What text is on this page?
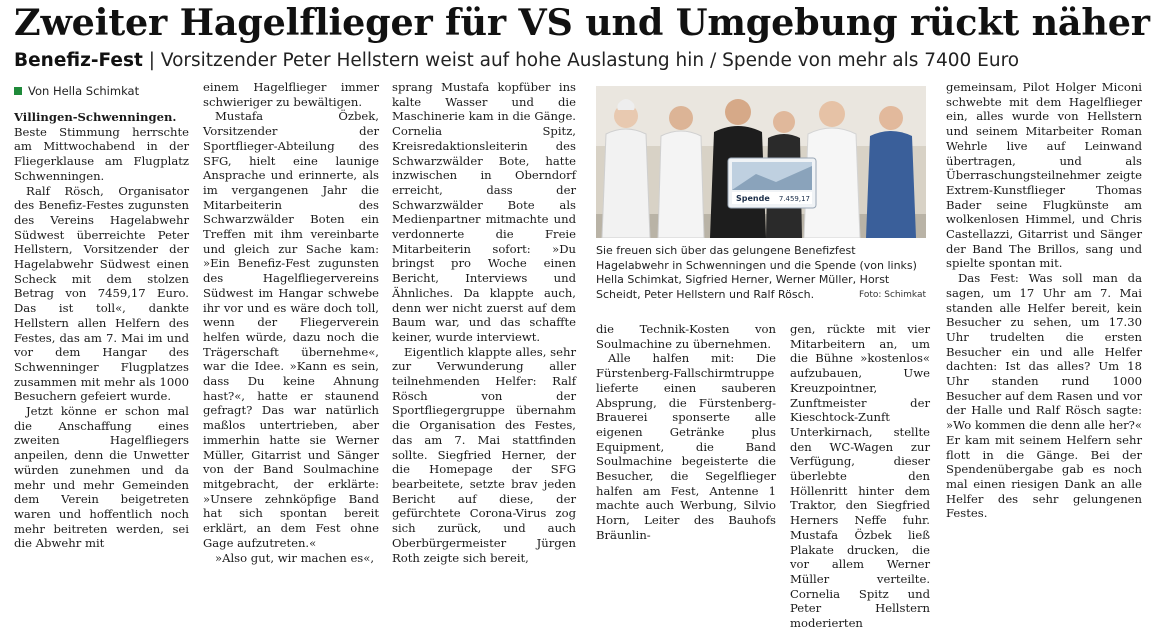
Zweiter Hagelflieger für VS und Umgebung rückt näher
Benefiz-Fest | Vorsitzender Peter Hellstern weist auf hohe Auslastung hin / Spende von mehr als 7400 Euro
Von Hella Schimkat

Villingen-Schwenningen. Beste Stimmung herrschte am Mittwochabend in der Fliegerklause am Flugplatz Schwenningen.

Ralf Rösch, Organisator des Benefiz-Festes zugunsten des Vereins Hagelabwehr Südwest überreichte Peter Hellstern, Vorsitzender der Hagelabwehr Südwest einen Scheck mit dem stolzen Betrag von 7459,17 Euro. Das ist toll«, dankte Hellstern allen Helfern des Festes, das am 7. Mai im und vor dem Hangar des Schwenninger Flugplatzes zusammen mit mehr als 1000 Besuchern gefeiert wurde.

Jetzt könne er schon mal die Anschaffung eines zweiten Hagelfliegers anpeilen, denn die Unwetter würden zunehmen und da mehr und mehr Gemeinden dem Verein beigetreten waren und hoffentlich noch mehr beitreten werden, sei die Abwehr mit

einem Hagelflieger immer schwieriger zu bewältigen.

Mustafa Özbek, Vorsitzender der Sportflieger-Abteilung des SFG, hielt eine launige Ansprache und erinnerte, als im vergangenen Jahr die Mitarbeiterin des Schwarzwälder Boten ein Treffen mit ihm vereinbarte und gleich zur Sache kam: »Ein Benefiz-Fest zugunsten des Hagelfliegervereins Südwest im Hangar schwebe ihr vor und es wäre doch toll, wenn der Fliegerverein helfen würde, dazu noch die Trägerschaft übernehme«, war die Idee. »Kann es sein, dass Du keine Ahnung hast?«, hatte er staunend gefragt? Das war natürlich maßlos untertrieben, aber immerhin hatte sie Werner Müller, Gitarrist und Sänger von der Band Soulmachine mitgebracht, der erklärte: »Unsere zehnköpfige Band hat sich spontan bereit erklärt, an dem Fest ohne Gage aufzutreten.«

»Also gut, wir machen es«,

sprang Mustafa kopfüber ins kalte Wasser und die Maschinerie kam in die Gänge. Cornelia Spitz, Kreisredaktionsleiterin des Schwarzwälder Bote, hatte inzwischen in Oberndorf erreicht, dass der Schwarzwälder Bote als Medienpartner mitmachte und verdonnerte die Freie Mitarbeiterin sofort: »Du bringst pro Woche einen Bericht, Interviews und Ähnliches. Da klappte auch, denn wer nicht zuerst auf dem Baum war, und das schaffte keiner, wurde interviewt.

Eigentlich klappte alles, sehr zur Verwunderung aller teilnehmenden Helfer: Ralf Rösch von der Sportfliegergruppe übernahm die Organisation des Festes, das am 7. Mai stattfinden sollte. Siegfried Herner, der die Homepage der SFG bearbeitete, setzte brav jeden Bericht auf diese, der gefürchtete Corona-Virus zog sich zurück, und auch Oberbürgermeister Jürgen Roth zeigte sich bereit,

die Technik-Kosten von Soulmachine zu übernehmen.

Alle halfen mit: Die Fürstenberg-Fallschirmtruppe lieferte einen sauberen Absprung, die Fürstenberg-Brauerei sponserte alle eigenen Getränke plus Equipment, die Band Soulmachine begeisterte die Besucher, die Segelflieger halfen am Fest, Antenne 1 machte auch Werbung, Silvio Horn, Leiter des Bauhofs Bräunlin-

gen, rückte mit vier Mitarbeitern an, um die Bühne »kostenlos« aufzubauen, Uwe Kreuzpointner, Zunftmeister der Kieschtock-Zunft Unterkirnach, stellte den WC-Wagen zur Verfügung, dieser überlebte den Höllenritt hinter dem Traktor, den Siegfried Herners Neffe fuhr. Mustafa Özbek ließ Plakate drucken, die vor allem Werner Müller verteilte. Cornelia Spitz und Peter Hellstern moderierten

gemeinsam, Pilot Holger Miconi schwebte mit dem Hagelflieger ein, alles wurde von Hellstern und seinem Mitarbeiter Roman Wehrle live auf Leinwand übertragen, und als Überraschungsteilnehmer zeigte Extrem-Kunstflieger Thomas Bader seine Flugkünste am wolkenlosen Himmel, und Chris Castellazzi, Gitarrist und Sänger der Band The Brillos, sang und spielte spontan mit.

Das Fest: Was soll man da sagen, um 17 Uhr am 7. Mai standen alle Helfer bereit, kein Besucher zu sehen, um 17.30 Uhr trudelten die ersten Besucher ein und alle Helfer dachten: Ist das alles? Um 18 Uhr standen rund 1000 Besucher auf dem Rasen und vor der Halle und Ralf Rösch sagte: »Wo kommen die denn alle her?« Er kam mit seinem Helfern sehr flott in die Gänge. Bei der Spendenübergabe gab es noch mal einen riesigen Dank an alle Helfer des sehr gelungenen Festes.

Spende 7.459,17
Sie freuen sich über das gelungene Benefizfest Hagelabwehr in Schwenningen und die Spende (von links) Hella Schimkat, Sigfried Herner, Werner Müller, Horst Scheidt, Peter Hellstern und Ralf Rösch.	Foto: Schimkat
